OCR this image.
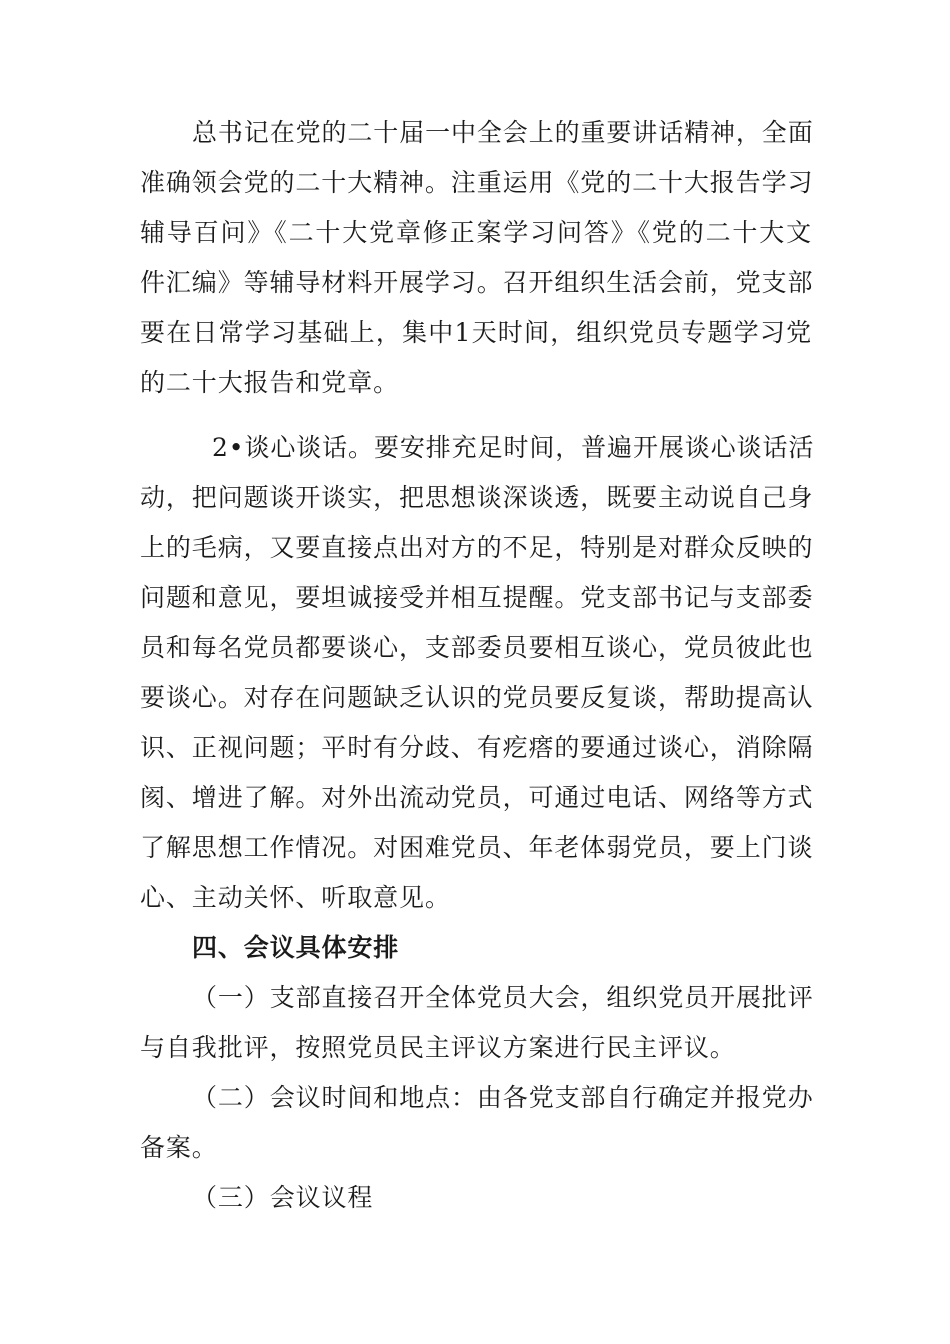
总书记在党的二十届一中全会上的重要讲话精神，全面
准确领会党的二十大精神。注重运用《党的二十大报告学习
辅导百问》《二十大党章修正案学习问答》《党的二十大文
件汇编》等辅导材料开展学习。召开组织生活会前，党支部
要在日常学习基础上，集中1天时间，组织党员专题学习党
的二十大报告和党章。
2•谈心谈话。要安排充足时间，普遍开展谈心谈话活
动，把问题谈开谈实，把思想谈深谈透，既要主动说自己身
上的毛病，又要直接点出对方的不足，特别是对群众反映的
问题和意见，要坦诚接受并相互提醒。党支部书记与支部委
员和每名党员都要谈心，支部委员要相互谈心，党员彼此也
要谈心。对存在问题缺乏认识的党员要反复谈，帮助提高认
识、正视问题；平时有分歧、有疙瘩的要通过谈心，消除隔
阂、增进了解。对外出流动党员，可通过电话、网络等方式
了解思想工作情况。对困难党员、年老体弱党员，要上门谈
心、主动关怀、听取意见。
四、会议具体安排
（一）支部直接召开全体党员大会，组织党员开展批评
与自我批评，按照党员民主评议方案进行民主评议。
（二）会议时间和地点：由各党支部自行确定并报党办
备案。
（三）会议议程
